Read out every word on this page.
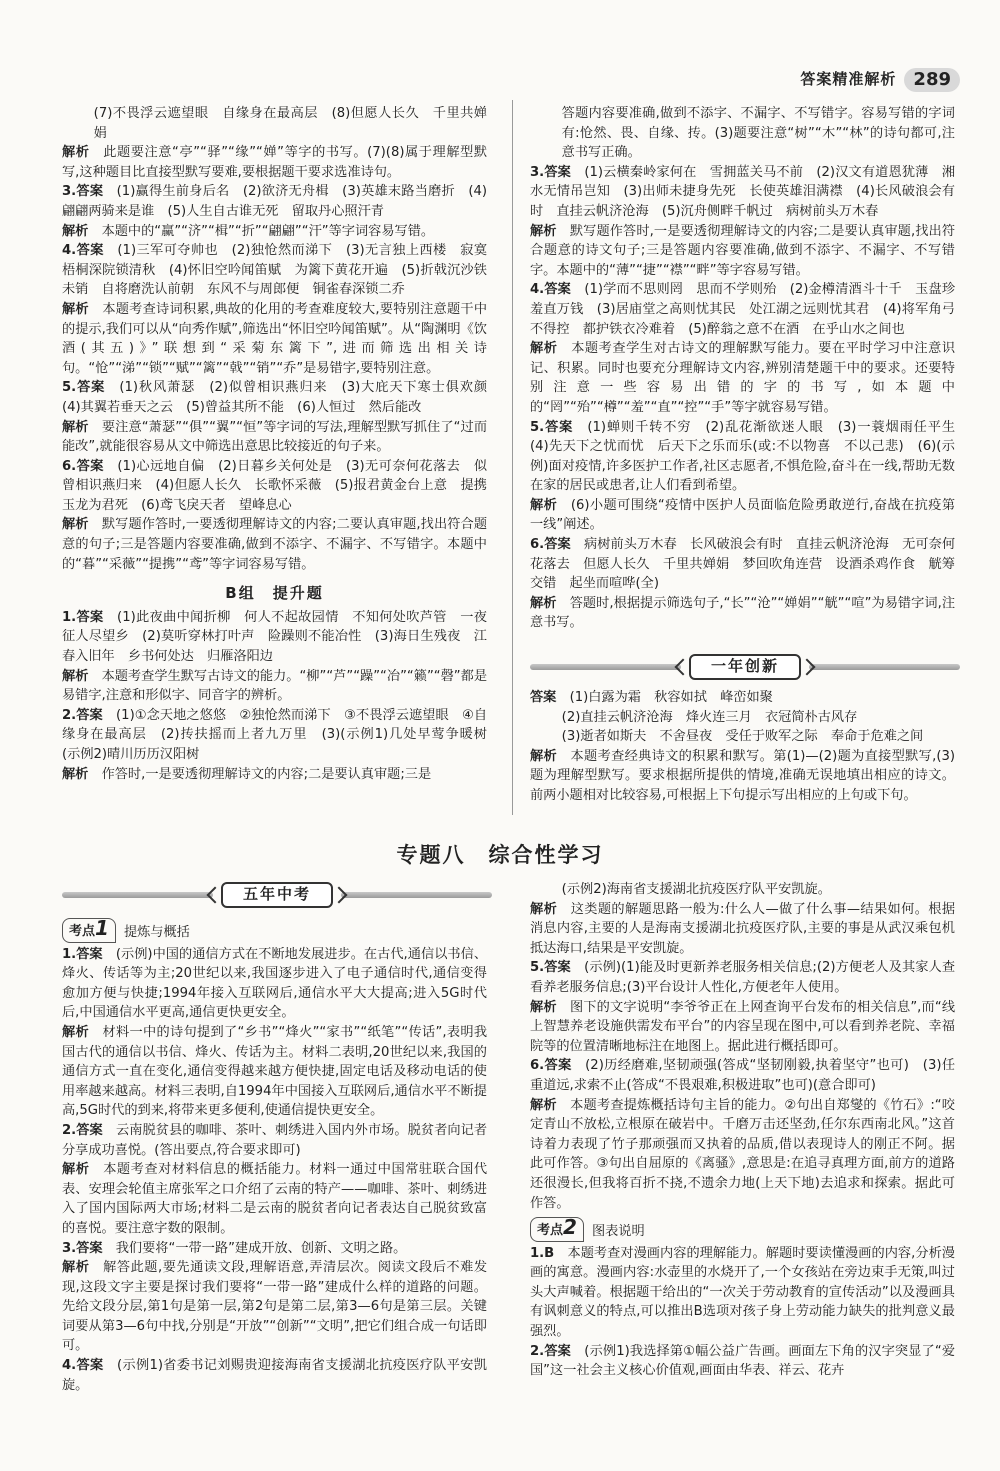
答案精准解析 289

(7)不畏浮云遮望眼　自缘身在最高层　(8)但愿人长久　千里共婵娟

解析　 此题要注意“亭”“驿”“缘”“婵”等字的书写。(7)(8)属于理解型默写,这种题目比直接型默写要难,要根据题干要求选准诗句。

3.答案　 (1)赢得生前身后名　(2)欲济无舟楫　(3)英雄末路当磨折　(4)翩翩两骑来是谁　(5)人生自古谁无死　留取丹心照汗青

解析　 本题中的“赢”“济”“楫”“折”“翩翩”“汗”等字词容易写错。

4.答案　 (1)三军可夺帅也　(2)独怆然而涕下　(3)无言独上西楼　寂寞梧桐深院锁清秋　(4)怀旧空吟闻笛赋　为篱下黄花开遍　(5)折戟沉沙铁未销　自将磨洗认前朝　东风不与周郎便　铜雀春深锁二乔

解析　 本题考查诗词积累,典故的化用的考查难度较大,要特别注意题干中的提示,我们可以从“向秀作赋”,筛选出“怀旧空吟闻笛赋”。从“陶渊明《饮酒(其五)》”联想到“采菊东篱下”,进而筛选出相关诗句。“怆”“涕”“锁”“赋”“篱”“戟”“销”“乔”是易错字,要特别注意。

5.答案　 (1)秋风萧瑟　(2)似曾相识燕归来　(3)大庇天下寒士俱欢颜　(4)其翼若垂天之云　(5)曾益其所不能　(6)人恒过　然后能改

解析　 要注意“萧瑟”“俱”“翼”“恒”等字词的写法,理解型默写抓住了“过而能改”,就能很容易从文中筛选出意思比较接近的句子来。

6.答案　 (1)心远地自偏　(2)日暮乡关何处是　(3)无可奈何花落去　似曾相识燕归来　(4)但愿人长久　长歌怀采薇　(5)报君黄金台上意　提携玉龙为君死　(6)鸢飞戾天者　望峰息心

解析　 默写题作答时,一要透彻理解诗文的内容;二要认真审题,找出符合题意的句子;三是答题内容要准确,做到不添字、不漏字、不写错字。本题中的“暮”“采薇”“提携”“鸢”等字词容易写错。

B组　提升题

1.答案　 (1)此夜曲中闻折柳　何人不起故园情　不知何处吹芦管　一夜征人尽望乡　(2)莫听穿林打叶声　险躁则不能冶性　(3)海日生残夜　江春入旧年　乡书何处达　归雁洛阳边

解析　 本题考查学生默写古诗文的能力。“柳”“芦”“躁”“冶”“籁”“磬”都是易错字,注意和形似字、同音字的辨析。

2.答案　 (1)①念天地之悠悠　②独怆然而涕下　③不畏浮云遮望眼　④自缘身在最高层　(2)抟扶摇而上者九万里　(3)(示例1)几处早莺争暖树　(示例2)晴川历历汉阳树

解析　 作答时,一是要透彻理解诗文的内容;二是要认真审题;三是

答题内容要准确,做到不添字、不漏字、不写错字。容易写错的字词有:怆然、畏、自缘、抟。(3)题要注意“树”“木”“林”的诗句都可,注意书写正确。

3.答案　 (1)云横秦岭家何在　雪拥蓝关马不前　(2)汉文有道恩犹薄　湘水无情吊岂知　(3)出师未捷身先死　长使英雄泪满襟　(4)长风破浪会有时　直挂云帆济沧海　(5)沉舟侧畔千帆过　病树前头万木春

解析　 默写题作答时,一是要透彻理解诗文的内容;二是要认真审题,找出符合题意的诗文句子;三是答题内容要准确,做到不添字、不漏字、不写错字。本题中的“薄”“捷”“襟”“畔”等字容易写错。

4.答案　 (1)学而不思则罔　思而不学则殆　(2)金樽清酒斗十千　玉盘珍羞直万钱　(3)居庙堂之高则忧其民　处江湖之远则忧其君　(4)将军角弓不得控　都护铁衣冷难着　(5)醉翁之意不在酒　在乎山水之间也

解析　 本题考查学生对古诗文的理解默写能力。要在平时学习中注意识记、积累。同时也要充分理解诗文内容,辨别清楚题干中的要求。还要特别注意一些容易出错的字的书写,如本题中的“罔”“殆”“樽”“羞”“直”“控”“手”等字就容易写错。

5.答案　 (1)蝉则千转不穷　(2)乱花渐欲迷人眼　(3)一蓑烟雨任平生　(4)先天下之忧而忧　后天下之乐而乐(或:不以物喜　不以己悲)　(6)(示例)面对疫情,许多医护工作者,社区志愿者,不惧危险,奋斗在一线,帮助无数在家的居民或患者,让人们看到希望。

解析　 (6)小题可围绕“疫情中医护人员面临危险勇敢逆行,奋战在抗疫第一线”阐述。

6.答案　 病树前头万木春　长风破浪会有时　直挂云帆济沧海　无可奈何花落去　但愿人长久　千里共婵娟　梦回吹角连营　设酒杀鸡作食　觥筹交错　起坐而喧哗(全)

解析　 答题时,根据提示筛选句子,“长”“沧”“婵娟”“觥”“喧”为易错字词,注意书写。

一年创新

答案　 (1)白露为霜　秋容如拭　峰峦如聚

(2)直挂云帆济沧海　烽火连三月　衣冠简朴古风存

(3)逝者如斯夫　不舍昼夜　受任于败军之际　奉命于危难之间

解析　 本题考查经典诗文的积累和默写。第(1)—(2)题为直接型默写,(3)题为理解型默写。要求根据所提供的情境,准确无误地填出相应的诗文。前两小题相对比较容易,可根据上下句提示写出相应的上句或下句。

专题八　综合性学习
五年中考
考点1	提炼与概括

1.答案　 (示例)中国的通信方式在不断地发展进步。在古代,通信以书信、烽火、传话等为主;20世纪以来,我国逐步进入了电子通信时代,通信变得愈加方便与快捷;1994年接入互联网后,通信水平大大提高;进入5G时代后,中国通信水平更高,通信更快更安全。

解析　 材料一中的诗句提到了“乡书”“烽火”“家书”“纸笔”“传话”,表明我国古代的通信以书信、烽火、传话为主。材料二表明,20世纪以来,我国的通信方式一直在变化,通信变得越来越方便快捷,固定电话及移动电话的使用率越来越高。材料三表明,自1994年中国接入互联网后,通信水平不断提高,5G时代的到来,将带来更多便利,使通信提快更安全。

2.答案　 云南脱贫县的咖啡、茶叶、刺绣进入国内外市场。脱贫者向记者分享成功喜悦。(答出要点,符合要求即可)

解析　 本题考查对材料信息的概括能力。材料一通过中国常驻联合国代表、安理会轮值主席张军之口介绍了云南的特产——咖啡、茶叶、刺绣进入了国内国际两大市场;材料二是云南的脱贫者向记者表达自己脱贫致富的喜悦。要注意字数的限制。

3.答案　 我们要将“一带一路”建成开放、创新、文明之路。

解析　 解答此题,要先通读文段,理解语意,弄清层次。阅读文段后不难发现,这段文字主要是探讨我们要将“一带一路”建成什么样的道路的问题。先给文段分层,第1句是第一层,第2句是第二层,第3—6句是第三层。关键词要从第3—6句中找,分别是“开放”“创新”“文明”,把它们组合成一句话即可。

4.答案　 (示例1)省委书记刘赐贵迎接海南省支援湖北抗疫医疗队平安凯旋。

(示例2)海南省支援湖北抗疫医疗队平安凯旋。

解析　 这类题的解题思路一般为:什么人—做了什么事—结果如何。根据消息内容,主要的人是海南支援湖北抗疫医疗队,主要的事是从武汉乘包机抵达海口,结果是平安凯旋。

5.答案　 (示例)(1)能及时更新养老服务相关信息;(2)方便老人及其家人查看养老服务信息;(3)平台设计人性化,方便老年人使用。

解析　 图下的文字说明“李爷爷正在上网查询平台发布的相关信息”,而“线上智慧养老设施供需发布平台”的内容呈现在图中,可以看到养老院、幸福院等的位置清晰地标注在地图上。据此进行概括即可。

6.答案　 (2)历经磨难,坚韧顽强(答成“坚韧刚毅,执着坚守”也可)　(3)任重道远,求索不止(答成“不畏艰难,积极进取”也可)(意合即可)

解析　 本题考查提炼概括诗句主旨的能力。②句出自郑燮的《竹石》:“咬定青山不放松,立根原在破岩中。千磨万击还坚劲,任尔东西南北风。”这首诗着力表现了竹子那顽强而又执着的品质,借以表现诗人的刚正不阿。据此可作答。③句出自屈原的《离骚》,意思是:在追寻真理方面,前方的道路还很漫长,但我将百折不挠,不遗余力地(上天下地)去追求和探索。据此可作答。

考点2	图表说明

1.B　 本题考查对漫画内容的理解能力。解题时要读懂漫画的内容,分析漫画的寓意。漫画内容:水壶里的水烧开了,一个女孩站在旁边束手无策,叫过头大声喊着。根据题干给出的“一次关于劳动教育的宣传活动”以及漫画具有讽刺意义的特点,可以推出B选项对孩子身上劳动能力缺失的批判意义最强烈。

2.答案　 (示例1)我选择第①幅公益广告画。画面左下角的汉字突显了“爱国”这一社会主义核心价值观,画面由华表、祥云、花卉
